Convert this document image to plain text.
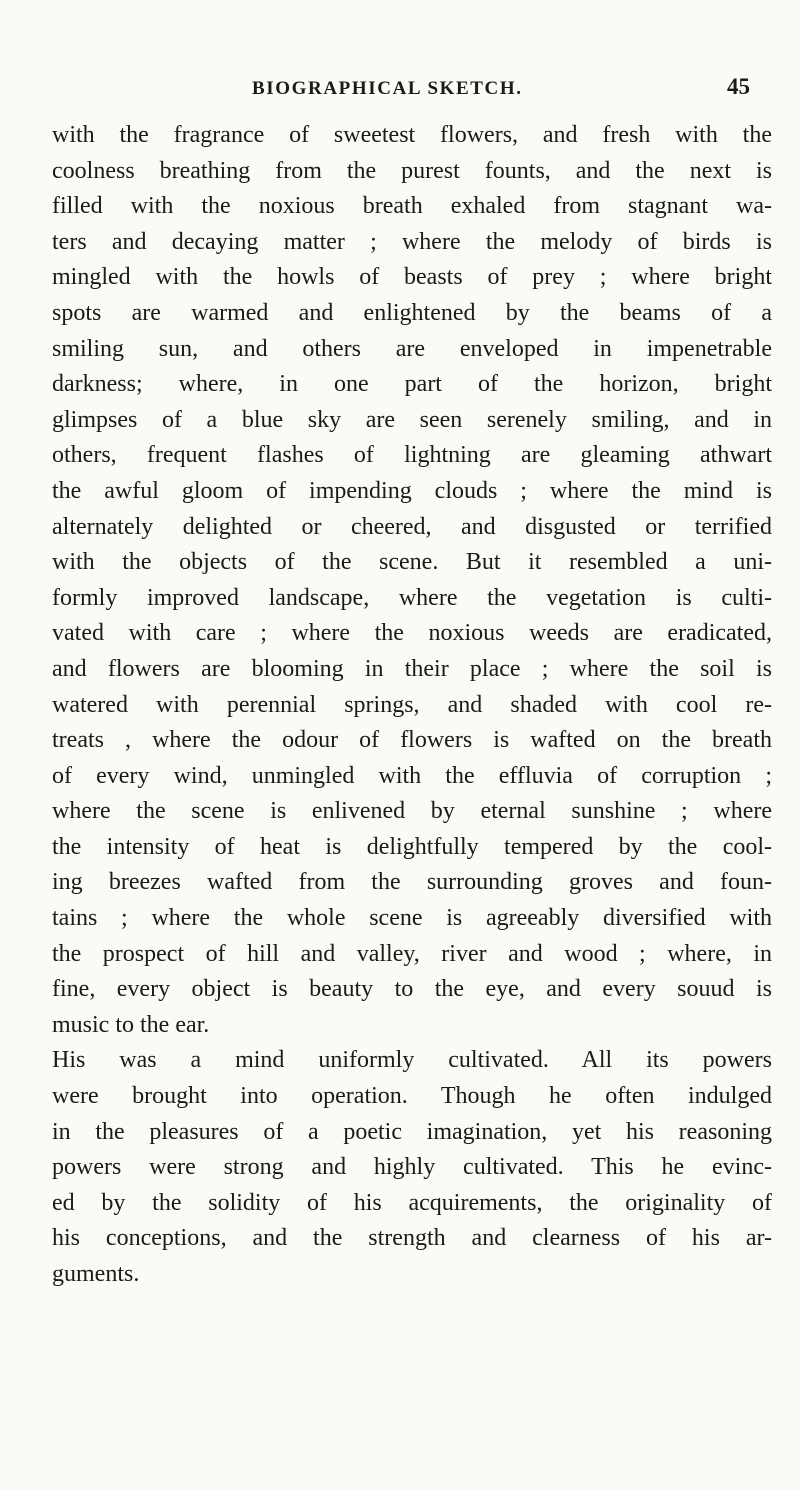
BIOGRAPHICAL SKETCH.	45
with the fragrance of sweetest flowers, and fresh with the
coolness breathing from the purest founts, and the next is
filled with the noxious breath exhaled from stagnant wa-
ters and decaying matter ; where the melody of birds is
mingled with the howls of beasts of prey ; where bright
spots are warmed and enlightened by the beams of a
smiling sun, and others are enveloped in impenetrable
darkness; where, in one part of the horizon, bright
glimpses of a blue sky are seen serenely smiling, and in
others, frequent flashes of lightning are gleaming athwart
the awful gloom of impending clouds ; where the mind is
alternately delighted or cheered, and disgusted or terrified
with the objects of the scene. But it resembled a uni-
formly improved landscape, where the vegetation is culti-
vated with care ; where the noxious weeds are eradicated,
and flowers are blooming in their place ; where the soil is
watered with perennial springs, and shaded with cool re-
treats , where the odour of flowers is wafted on the breath
of every wind, unmingled with the effluvia of corruption ;
where the scene is enlivened by eternal sunshine ; where
the intensity of heat is delightfully tempered by the cool-
ing breezes wafted from the surrounding groves and foun-
tains ; where the whole scene is agreeably diversified with
the prospect of hill and valley, river and wood ; where, in
fine, every object is beauty to the eye, and every souud is
music to the ear.
His was a mind uniformly cultivated. All its powers
were brought into operation. Though he often indulged
in the pleasures of a poetic imagination, yet his reasoning
powers were strong and highly cultivated. This he evinc-
ed by the solidity of his acquirements, the originality of
his conceptions, and the strength and clearness of his ar-
guments.
